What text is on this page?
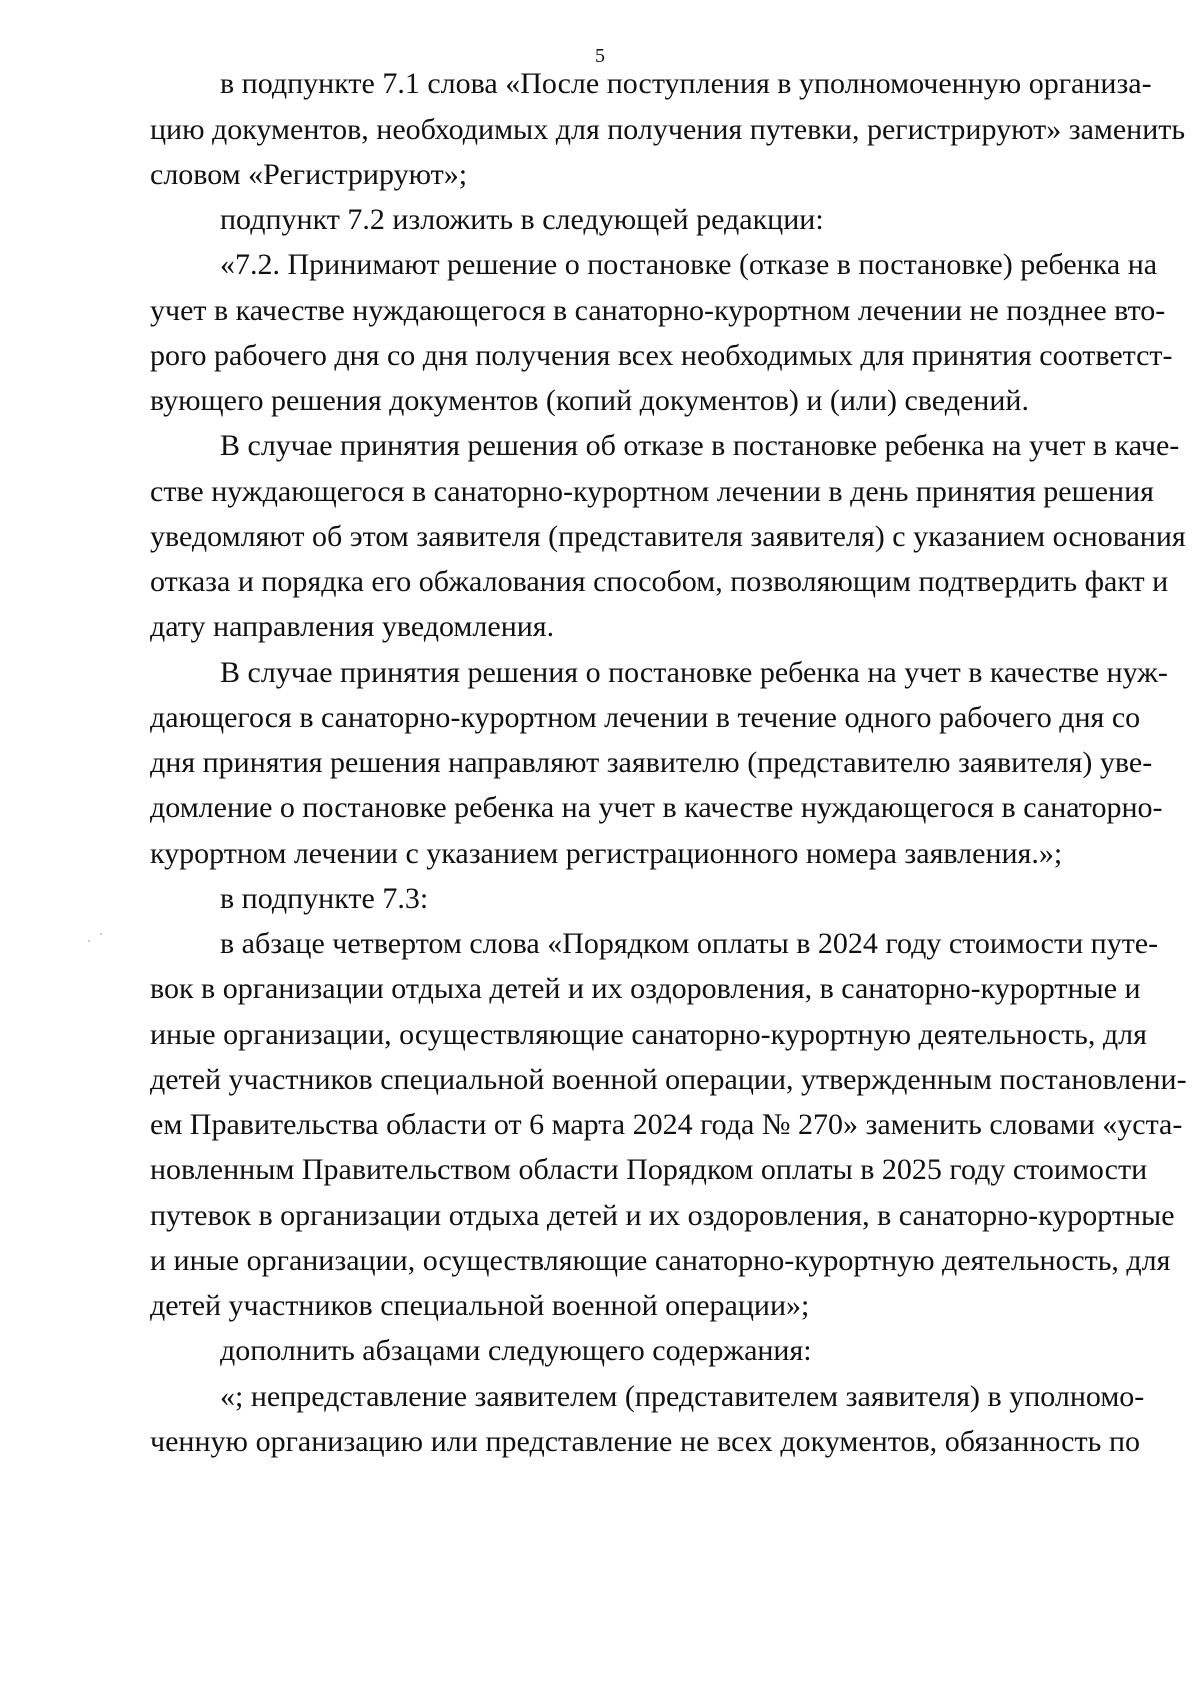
5
в подпункте 7.1 слова «После поступления в уполномоченную организа-
цию документов, необходимых для получения путевки, регистрируют» заменить
словом «Регистрируют»;
подпункт 7.2 изложить в следующей редакции:
«7.2. Принимают решение о постановке (отказе в постановке) ребенка на
учет в качестве нуждающегося в санаторно-курортном лечении не позднее вто-
рого рабочего дня со дня получения всех необходимых для принятия соответст-
вующего решения документов (копий документов) и (или) сведений.
В случае принятия решения об отказе в постановке ребенка на учет в каче-
стве нуждающегося в санаторно-курортном лечении в день принятия решения
уведомляют об этом заявителя (представителя заявителя) с указанием основания
отказа и порядка его обжалования способом, позволяющим подтвердить факт и
дату направления уведомления.
В случае принятия решения о постановке ребенка на учет в качестве нуж-
дающегося в санаторно-курортном лечении в течение одного рабочего дня со
дня принятия решения направляют заявителю (представителю заявителя) уве-
домление о постановке ребенка на учет в качестве нуждающегося в санаторно-
курортном лечении с указанием регистрационного номера заявления.»;
в подпункте 7.3:
в абзаце четвертом слова «Порядком оплаты в 2024 году стоимости путе-
вок в организации отдыха детей и их оздоровления, в санаторно-курортные и
иные организации, осуществляющие санаторно-курортную деятельность, для
детей участников специальной военной операции, утвержденным постановлени-
ем Правительства области от 6 марта 2024 года № 270» заменить словами «уста-
новленным Правительством области Порядком оплаты в 2025 году стоимости
путевок в организации отдыха детей и их оздоровления, в санаторно-курортные
и иные организации, осуществляющие санаторно-курортную деятельность, для
детей участников специальной военной операции»;
дополнить абзацами следующего содержания:
«; непредставление заявителем (представителем заявителя) в уполномо-
ченную организацию или представление не всех документов, обязанность по
